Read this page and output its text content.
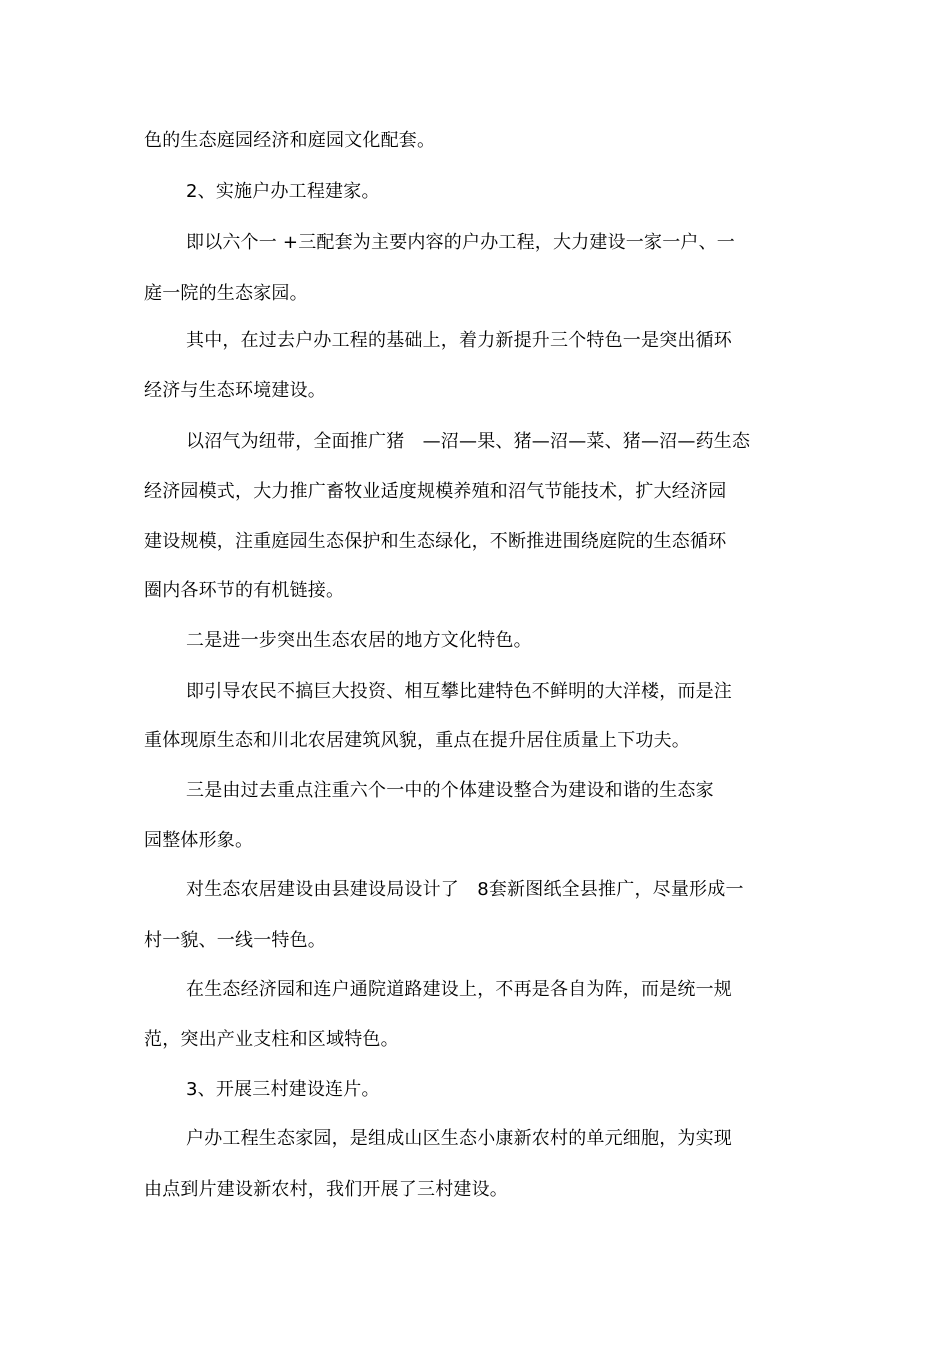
色的生态庭园经济和庭园文化配套。
2、实施户办工程建家。
即以六个一 +三配套为主要内容的户办工程，大力建设一家一户、一
庭一院的生态家园。
其中，在过去户办工程的基础上，着力新提升三个特色一是突出循环
经济与生态环境建设。
以沼气为纽带，全面推广猪　—沼—果、猪—沼—菜、猪—沼—药生态
经济园模式，大力推广畜牧业适度规模养殖和沼气节能技术，扩大经济园
建设规模，注重庭园生态保护和生态绿化，不断推进围绕庭院的生态循环
圈内各环节的有机链接。
二是进一步突出生态农居的地方文化特色。
即引导农民不搞巨大投资、相互攀比建特色不鲜明的大洋楼，而是注
重体现原生态和川北农居建筑风貌，重点在提升居住质量上下功夫。
三是由过去重点注重六个一中的个体建设整合为建设和谐的生态家
园整体形象。
对生态农居建设由县建设局设计了　8套新图纸全县推广，尽量形成一
村一貌、一线一特色。
在生态经济园和连户通院道路建设上，不再是各自为阵，而是统一规
范，突出产业支柱和区域特色。
3、开展三村建设连片。
户办工程生态家园，是组成山区生态小康新农村的单元细胞，为实现
由点到片建设新农村，我们开展了三村建设。
